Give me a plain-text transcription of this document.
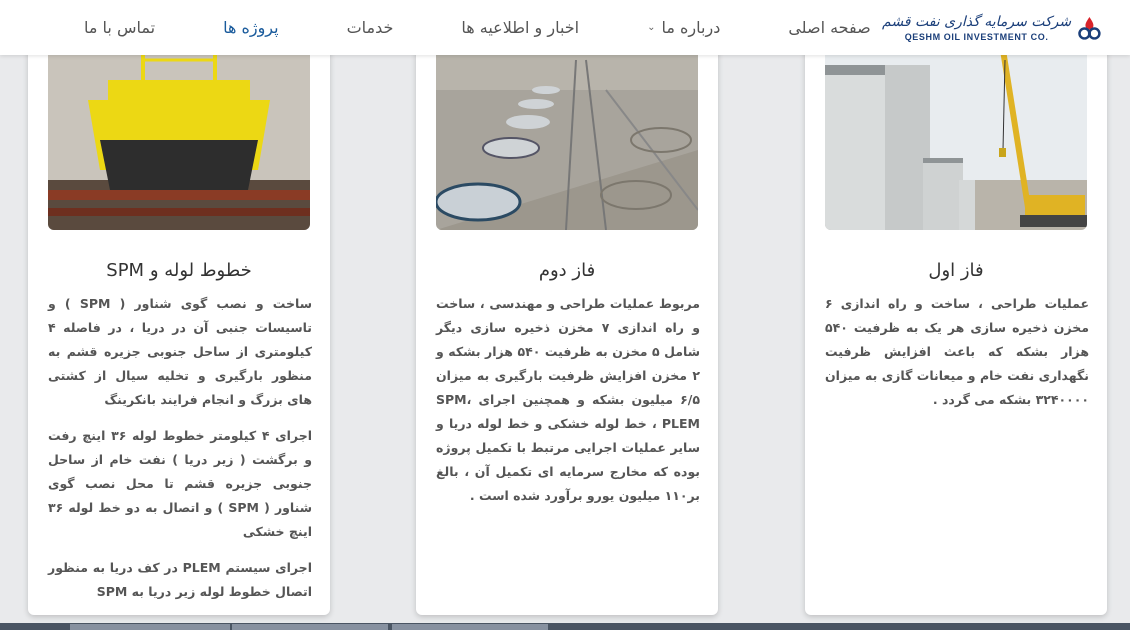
شرکت سرمایه گذاری نفت قشم
QESHM OIL INVESTMENT CO.
تماس با ما	پروژه ها	خدمات	اخبار و اطلاعیه ها	⌄ درباره ما	صفحه اصلی
فاز اول

عملیات طراحی ، ساخت و راه اندازی ۶ مخزن ذخیره سازی هر یک به ظرفیت ۵۴۰ هزار بشکه که باعث افزایش ظرفیت نگهداری نفت خام و میعانات گازی به میزان ۳۲۴۰۰۰۰ بشکه می گردد .

فاز دوم

مربوط عملیات طراحی و مهندسی ، ساخت و راه اندازی ۷ مخزن ذخیره سازی دیگر شامل ۵ مخزن به ظرفیت ۵۴۰ هزار بشکه و ۲ مخزن افزایش ظرفیت بارگیری به میزان ۶/۵ میلیون بشکه و همچنین اجرای SPM، PLEM ، خط لوله خشکی و خط لوله دریا و سایر عملیات اجرایی مرتبط با تکمیل پروژه بوده که مخارج سرمایه ای تکمیل آن ، بالغ بر۱۱۰ میلیون یورو برآورد شده است .

خطوط لوله و SPM

ساخت و نصب گوی شناور ( SPM ) و تاسیسات جنبی آن در دریا ، در فاصله ۴ کیلومتری از ساحل جنوبی جزیره قشم به منظور بارگیری و تخلیه سیال از کشتی های بزرگ و انجام فرایند بانکرینگ

اجرای ۴ کیلومتر خطوط لوله ۳۶ اینچ رفت و برگشت ( زیر دریا ) نفت خام از ساحل جنوبی جزیره قشم تا محل نصب گوی شناور ( SPM ) و اتصال به دو خط لوله ۳۶ اینچ خشکی

اجرای سیستم PLEM در کف دریا به منظور اتصال خطوط لوله زیر دریا به SPM
